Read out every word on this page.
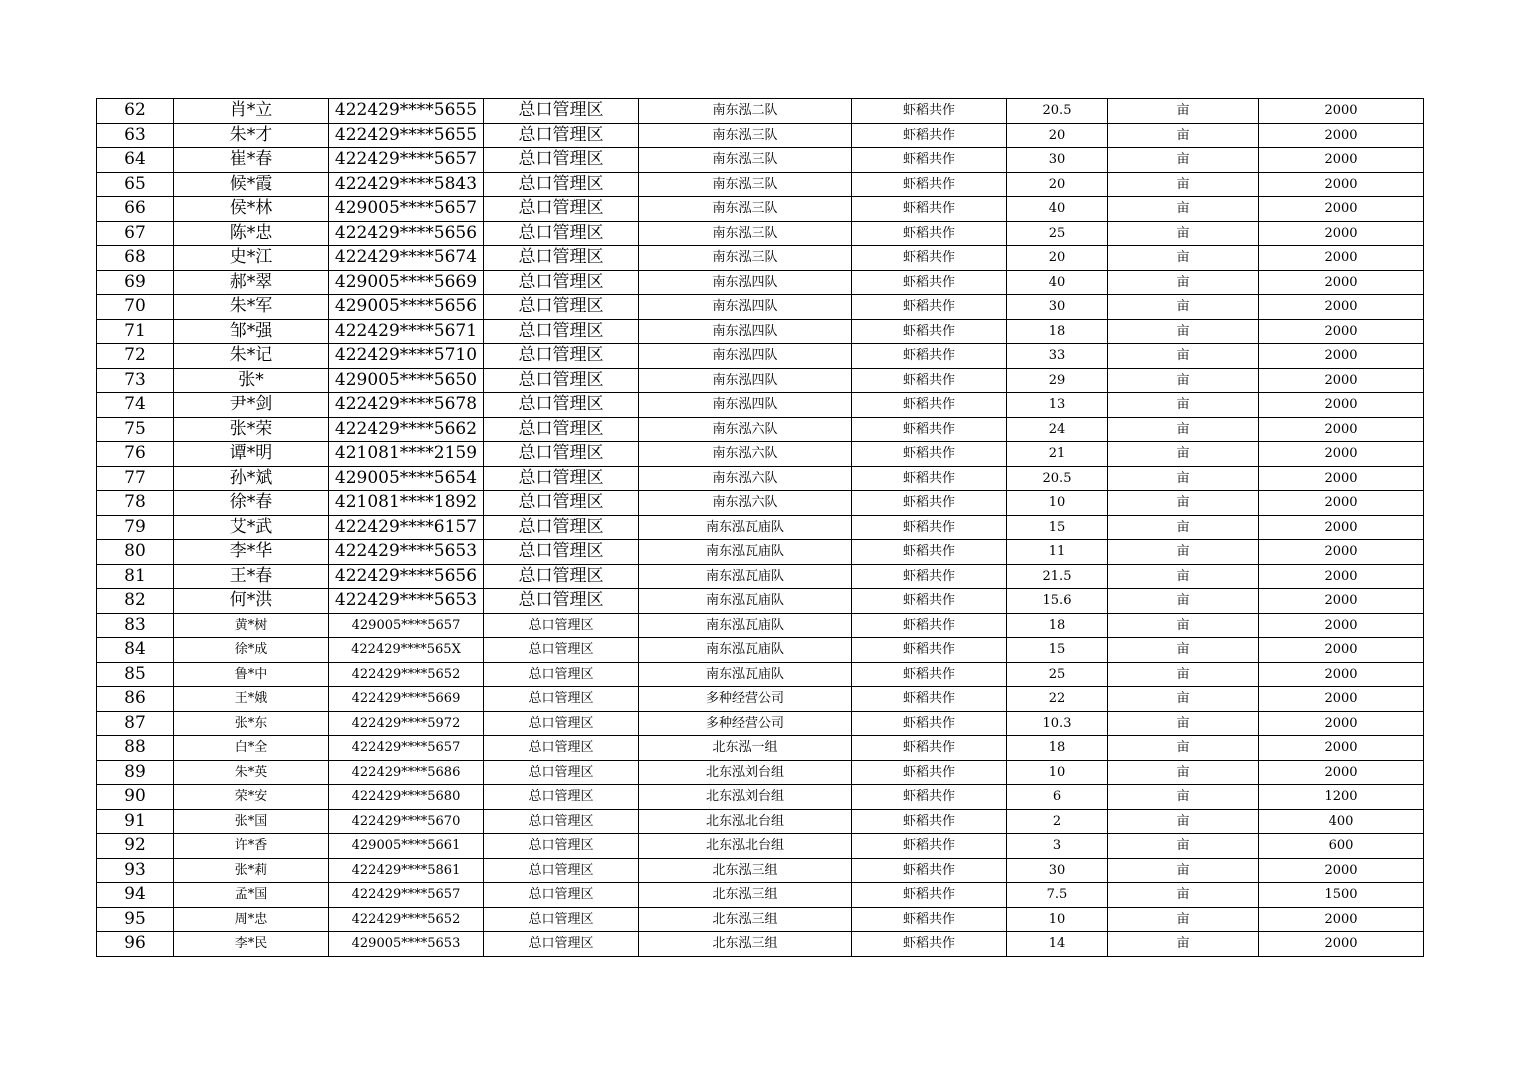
62	肖*立	422429****5655	总口管理区	南东泓二队	虾稻共作	20.5	亩	2000
63	朱*才	422429****5655	总口管理区	南东泓三队	虾稻共作	20	亩	2000
64	崔*春	422429****5657	总口管理区	南东泓三队	虾稻共作	30	亩	2000
65	候*霞	422429****5843	总口管理区	南东泓三队	虾稻共作	20	亩	2000
66	侯*林	429005****5657	总口管理区	南东泓三队	虾稻共作	40	亩	2000
67	陈*忠	422429****5656	总口管理区	南东泓三队	虾稻共作	25	亩	2000
68	史*江	422429****5674	总口管理区	南东泓三队	虾稻共作	20	亩	2000
69	郝*翠	429005****5669	总口管理区	南东泓四队	虾稻共作	40	亩	2000
70	朱*军	429005****5656	总口管理区	南东泓四队	虾稻共作	30	亩	2000
71	邹*强	422429****5671	总口管理区	南东泓四队	虾稻共作	18	亩	2000
72	朱*记	422429****5710	总口管理区	南东泓四队	虾稻共作	33	亩	2000
73	张*	429005****5650	总口管理区	南东泓四队	虾稻共作	29	亩	2000
74	尹*剑	422429****5678	总口管理区	南东泓四队	虾稻共作	13	亩	2000
75	张*荣	422429****5662	总口管理区	南东泓六队	虾稻共作	24	亩	2000
76	谭*明	421081****2159	总口管理区	南东泓六队	虾稻共作	21	亩	2000
77	孙*斌	429005****5654	总口管理区	南东泓六队	虾稻共作	20.5	亩	2000
78	徐*春	421081****1892	总口管理区	南东泓六队	虾稻共作	10	亩	2000
79	艾*武	422429****6157	总口管理区	南东泓瓦庙队	虾稻共作	15	亩	2000
80	李*华	422429****5653	总口管理区	南东泓瓦庙队	虾稻共作	11	亩	2000
81	王*春	422429****5656	总口管理区	南东泓瓦庙队	虾稻共作	21.5	亩	2000
82	何*洪	422429****5653	总口管理区	南东泓瓦庙队	虾稻共作	15.6	亩	2000
83	黄*树	429005****5657	总口管理区	南东泓瓦庙队	虾稻共作	18	亩	2000
84	徐*成	422429****565X	总口管理区	南东泓瓦庙队	虾稻共作	15	亩	2000
85	鲁*中	422429****5652	总口管理区	南东泓瓦庙队	虾稻共作	25	亩	2000
86	王*娥	422429****5669	总口管理区	多种经营公司	虾稻共作	22	亩	2000
87	张*东	422429****5972	总口管理区	多种经营公司	虾稻共作	10.3	亩	2000
88	白*全	422429****5657	总口管理区	北东泓一组	虾稻共作	18	亩	2000
89	朱*英	422429****5686	总口管理区	北东泓刘台组	虾稻共作	10	亩	2000
90	荣*安	422429****5680	总口管理区	北东泓刘台组	虾稻共作	6	亩	1200
91	张*国	422429****5670	总口管理区	北东泓北台组	虾稻共作	2	亩	400
92	许*香	429005****5661	总口管理区	北东泓北台组	虾稻共作	3	亩	600
93	张*莉	422429****5861	总口管理区	北东泓三组	虾稻共作	30	亩	2000
94	孟*国	422429****5657	总口管理区	北东泓三组	虾稻共作	7.5	亩	1500
95	周*忠	422429****5652	总口管理区	北东泓三组	虾稻共作	10	亩	2000
96	李*民	429005****5653	总口管理区	北东泓三组	虾稻共作	14	亩	2000
